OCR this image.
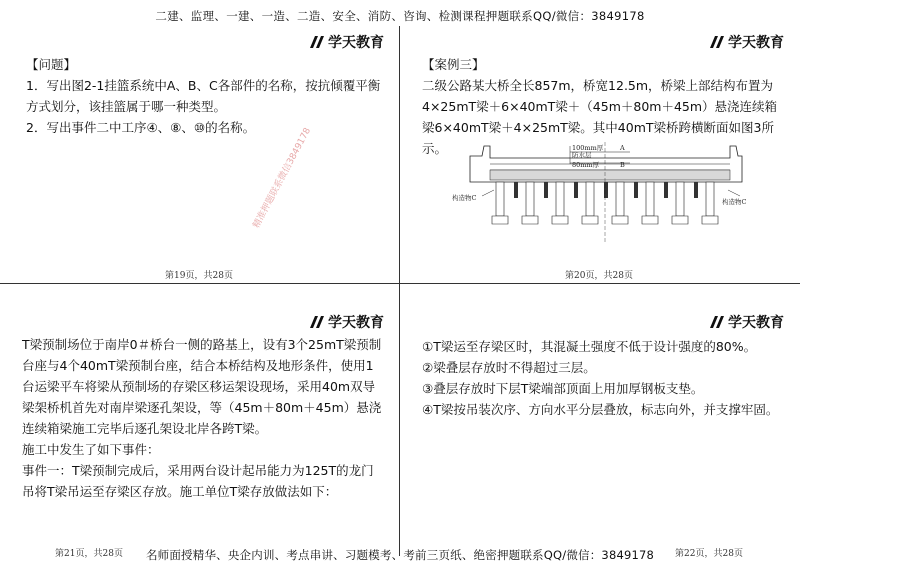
二建、监理、一建、一造、二造、安全、消防、咨询、检测课程押题联系QQ/微信：3849178
学天教育

【问题】

1．写出图2-1挂篮系统中A、B、C各部件的名称，按抗倾覆平衡方式划分，该挂篮属于哪一种类型。

2．写出事件二中工序④、⑧、⑩的名称。

精准押题联系微信3849178
第19页，共28页
学天教育

【案例三】

二级公路某大桥全长857m，桥宽12.5m，桥梁上部结构布置为4×25mT梁＋6×40mT梁＋（45m＋80m＋45m）悬浇连续箱梁6×40mT梁＋4×25mT梁。其中40mT梁桥跨横断面如图3所示。	100mm厚	A
防水层
80mm厚	B
构造物C	构造物C
第20页，共28页
学天教育

T梁预制场位于南岸0＃桥台一侧的路基上，设有3个25mT梁预制台座与4个40mT梁预制台座，结合本桥结构及地形条件，使用1台运梁平车将梁从预制场的存梁区移运架设现场，采用40m双导梁架桥机首先对南岸梁逐孔架设，等（45m＋80m＋45m）悬浇连续箱梁施工完毕后逐孔架设北岸各跨T梁。

施工中发生了如下事件：

事件一：T梁预制完成后，采用两台设计起吊能力为125T的龙门吊将T梁吊运至存梁区存放。施工单位T梁存放做法如下：

第21页，共28页
学天教育

①T梁运至存梁区时，其混凝土强度不低于设计强度的80%。

②梁叠层存放时不得超过三层。

③叠层存放时下层T梁端部顶面上用加厚钢板支垫。

④T梁按吊装次序、方向水平分层叠放，标志向外，并支撑牢固。

第22页，共28页
名师面授精华、央企内训、考点串讲、习题模考、考前三页纸、绝密押题联系QQ/微信：3849178
